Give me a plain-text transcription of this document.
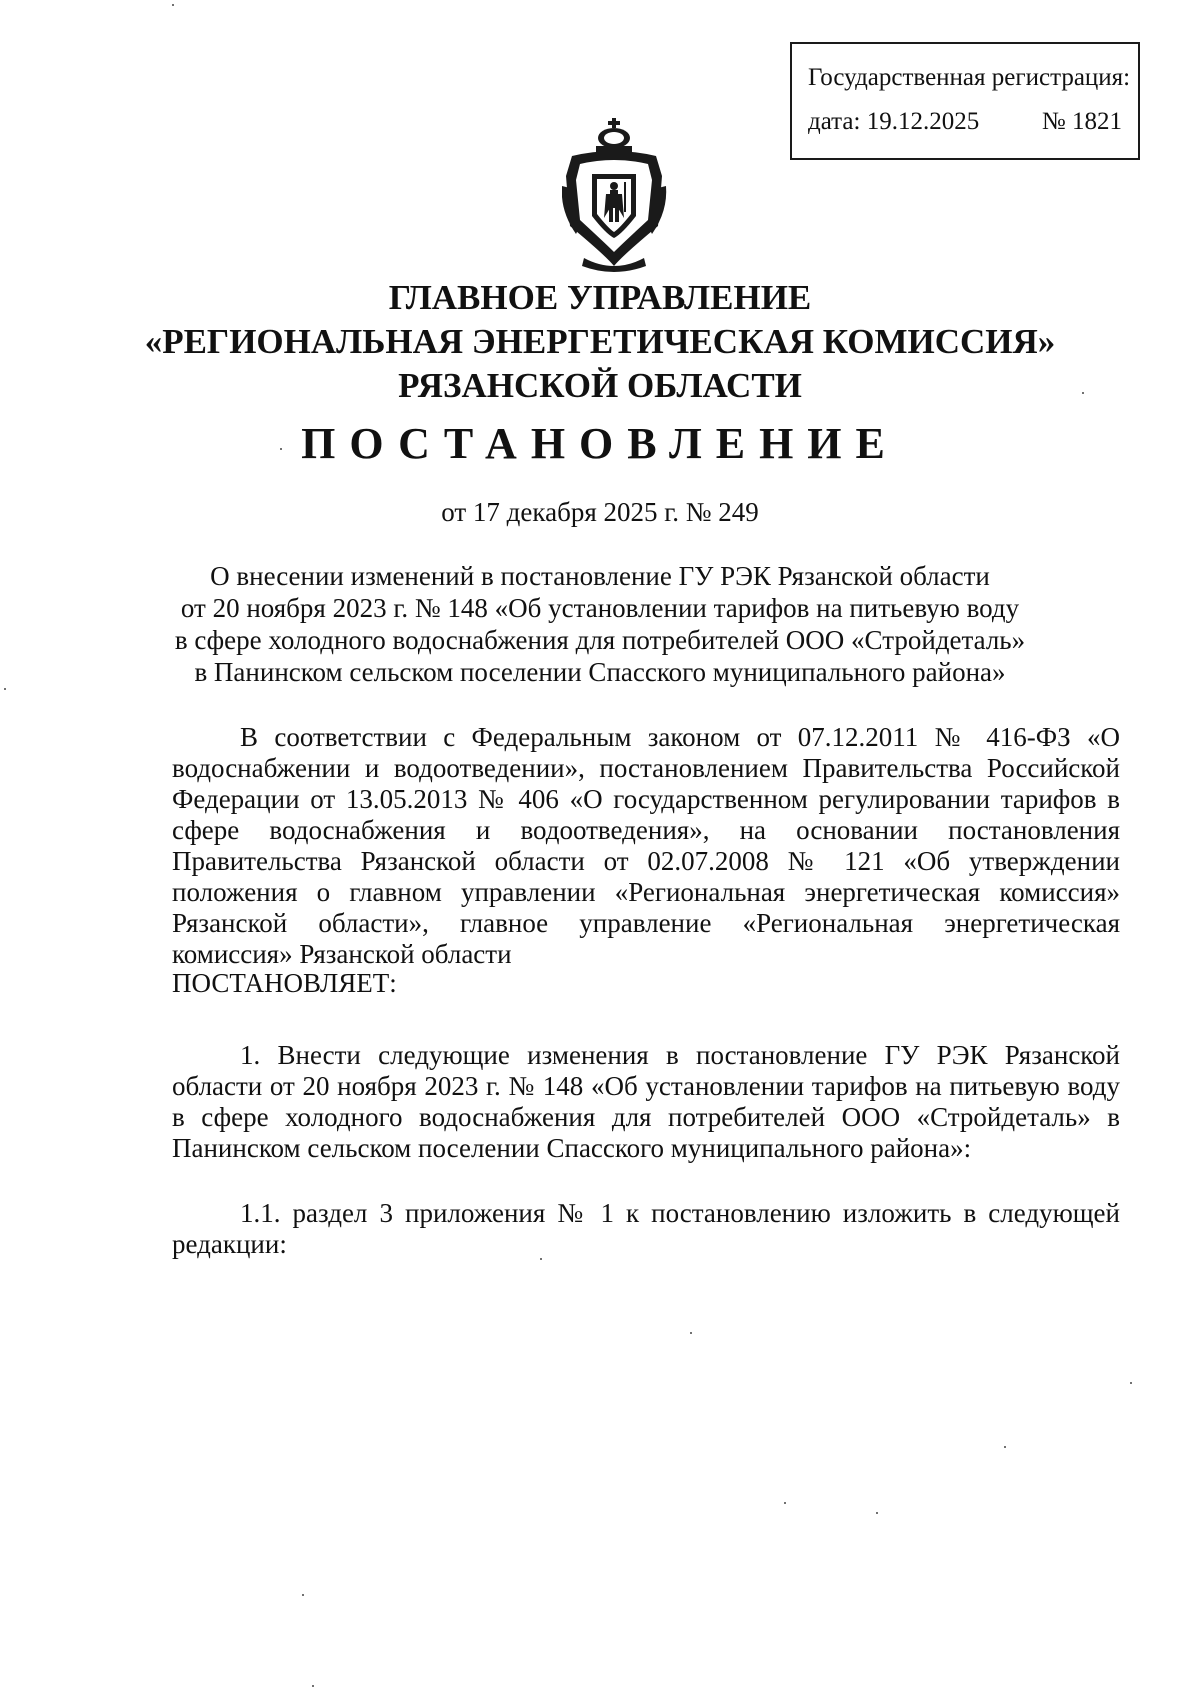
Государственная регистрация:
дата: 19.12.2025	№ 1821
ГЛАВНОЕ УПРАВЛЕНИЕ
«РЕГИОНАЛЬНАЯ ЭНЕРГЕТИЧЕСКАЯ КОМИССИЯ»
РЯЗАНСКОЙ ОБЛАСТИ
ПОСТАНОВЛЕНИЕ
от 17 декабря 2025 г. № 249
О внесении изменений в постановление ГУ РЭК Рязанской области
от 20 ноября 2023 г. № 148 «Об установлении тарифов на питьевую воду
в сфере холодного водоснабжения для потребителей ООО «Стройдеталь»
в Панинском сельском поселении Спасского муниципального района»

В соответствии с Федеральным законом от 07.12.2011 № 416-ФЗ «О водоснабжении и водоотведении», постановлением Правительства Российской Федерации от 13.05.2013 № 406 «О государственном регулировании тарифов в сфере водоснабжения и водоотведения», на основании постановления Правительства Рязанской области от 02.07.2008 № 121 «Об утверждении положения о главном управлении «Региональная энергетическая комиссия» Рязанской области», главное управление «Региональная энергетическая комиссия» Рязанской области

ПОСТАНОВЛЯЕТ:

1. Внести следующие изменения в постановление ГУ РЭК Рязанской области от 20 ноября 2023 г. № 148 «Об установлении тарифов на питьевую воду в сфере холодного водоснабжения для потребителей ООО «Стройдеталь» в Панинском сельском поселении Спасского муниципального района»:

1.1. раздел 3 приложения № 1 к постановлению изложить в следующей редакции:
